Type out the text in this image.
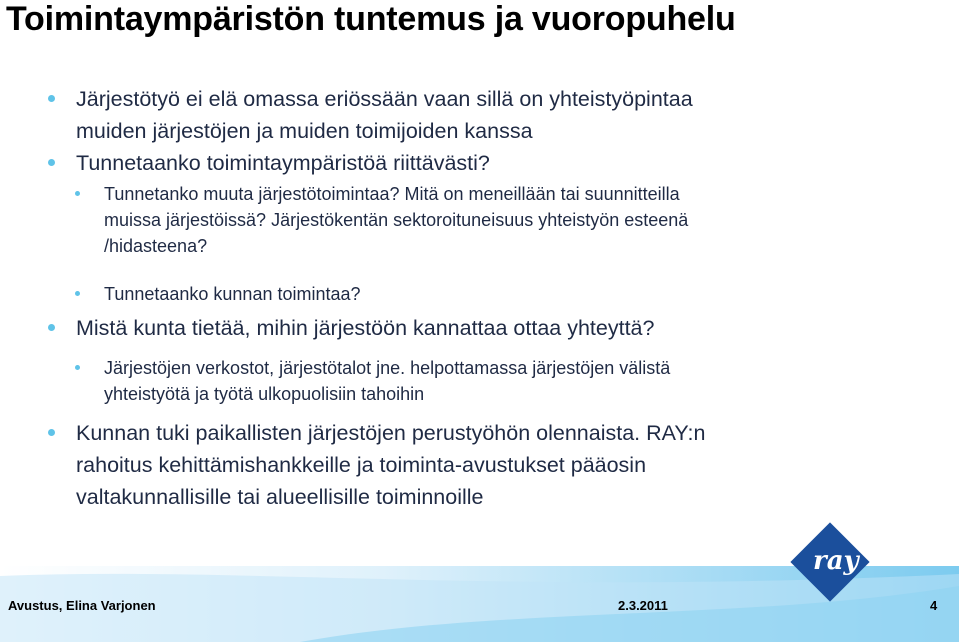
Toimintaympäristön tuntemus ja vuoropuhelu
Järjestötyö ei elä omassa eriössään vaan sillä on yhteistyöpintaa
muiden järjestöjen ja muiden toimijoiden kanssa
Tunnetaanko toimintaympäristöä riittävästi?
Tunnetanko muuta järjestötoimintaa? Mitä on meneillään tai suunnitteilla
muissa järjestöissä? Järjestökentän sektoroituneisuus yhteistyön esteenä
/hidasteena?
Tunnetaanko kunnan toimintaa?
Mistä kunta tietää, mihin järjestöön kannattaa ottaa yhteyttä?
Järjestöjen verkostot, järjestötalot jne. helpottamassa järjestöjen välistä
yhteistyötä ja työtä ulkopuolisiin tahoihin
Kunnan tuki paikallisten järjestöjen perustyöhön olennaista. RAY:n
rahoitus kehittämishankkeille ja toiminta-avustukset pääosin
valtakunnallisille tai alueellisille toiminnoille
ray
Avustus, Elina Varjonen	2.3.2011	4
